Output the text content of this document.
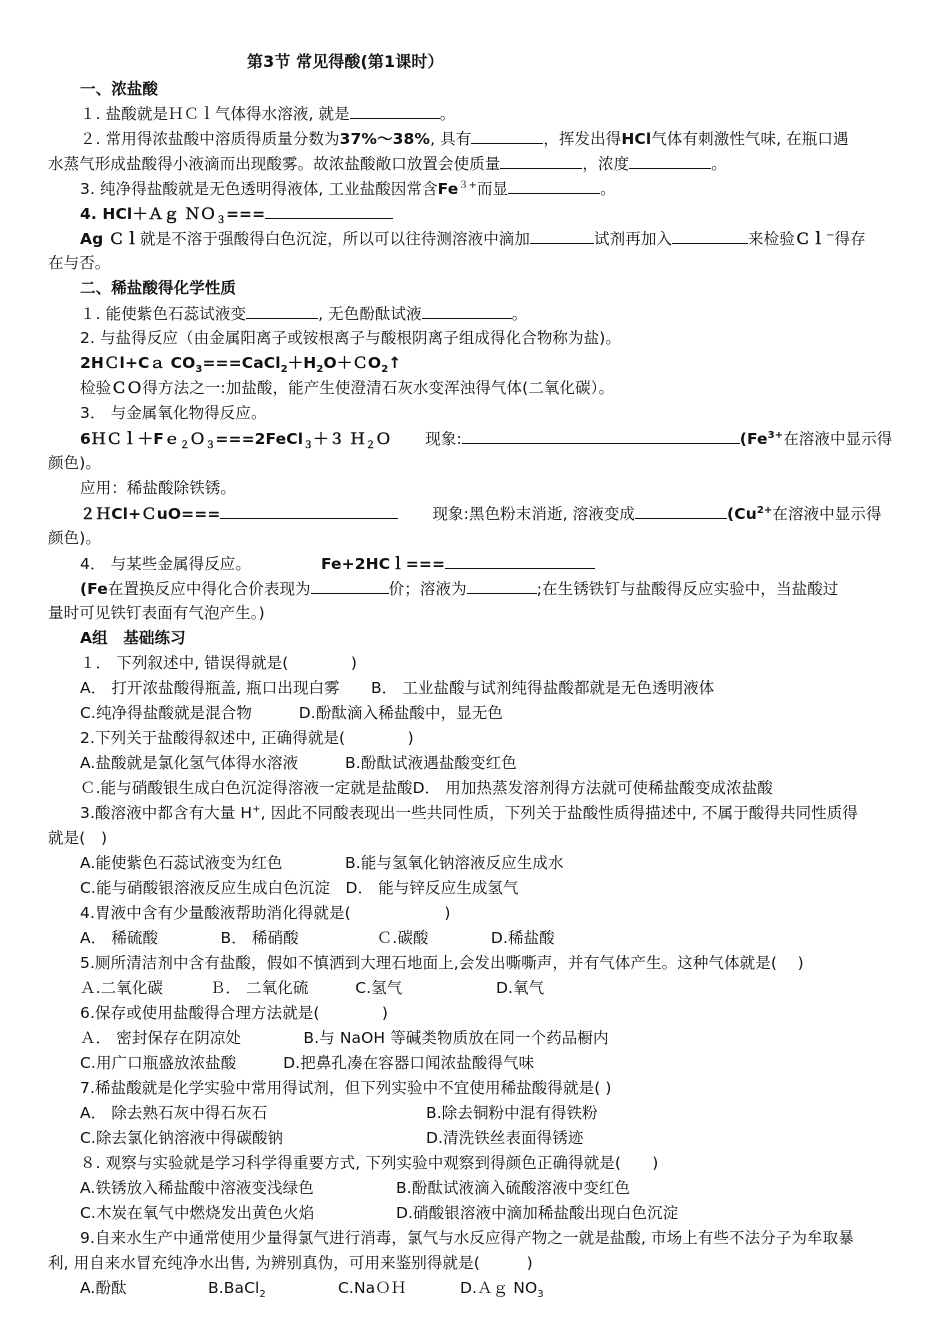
第3节 常见得酸(第1课时）
一、浓盐酸
１. 盐酸就是ＨＣｌ气体得水溶液, 就是	。
２. 常用得浓盐酸中溶质得质量分数为37%～38%, 具有	，挥发出得HCl气体有刺激性气味, 在瓶口遇
水蒸气形成盐酸得小液滴而出现酸雾。故浓盐酸敞口放置会使质量	，浓度	。
3. 纯净得盐酸就是无色透明得液体, 工业盐酸因常含$Fe^{3+}$而显	。
4. HCl＋Ａｇ ＮＯ$_3$===
Ag Ｃｌ就是不溶于强酸得白色沉淀，所以可以往待测溶液中滴加	试剂再加入	来检验Ｃｌ−得存
在与否。
二、稀盐酸得化学性质
１. 能使紫色石蕊试液变	, 无色酚酞试液	。
2. 与盐得反应（由金属阳离子或铵根离子与酸根阴离子组成得化合物称为盐)。
2HＣl+Cａ $CO_3===CaCl_2+H_2O+CO_2↑$
检验ＣＯ得方法之一:加盐酸，能产生使澄清石灰水变浑浊得气体(二氧化碳）。
3． 与金属氧化物得反应。
6ＨＣｌ＋Fｅ$_2$Ｏ$_3$===2FeCl$_3$＋３ Ｈ$_2$Ｏ 现象:	($Fe^{3+}$在溶液中显示得
颜色)。
应用：稀盐酸除铁锈。
２ＨCl+ＣuO===	现象:黑色粉末消逝, 溶液变成	($Cu^{2+}$在溶液中显示得
颜色)。
4． 与某些金属得反应。	Fe+2HCｌ===
(Fe在置换反应中得化合价表现为	价；溶液为	;在生锈铁钉与盐酸得反应实验中，当盐酸过
量时可见铁钉表面有气泡产生。)
A组　基础练习
１． 下列叙述中, 错误得就是(　　　　)
A． 打开浓盐酸得瓶盖, 瓶口出现白雾　　B． 工业盐酸与试剂纯得盐酸都就是无色透明液体
C.纯净得盐酸就是混合物　　　D.酚酞滴入稀盐酸中，显无色
2.下列关于盐酸得叙述中, 正确得就是(　　　　)
A.盐酸就是氯化氢气体得水溶液　　　B.酚酞试液遇盐酸变红色
Ｃ.能与硝酸银生成白色沉淀得溶液一定就是盐酸D． 用加热蒸发溶剂得方法就可使稀盐酸变成浓盐酸
3.酸溶液中都含有大量 H+, 因此不同酸表现出一些共同性质，下列关于盐酸性质得描述中, 不属于酸得共同性质得
就是(　)
A.能使紫色石蕊试液变为红色　　　　B.能与氢氧化钠溶液反应生成水
C.能与硝酸银溶液反应生成白色沉淀　D． 能与锌反应生成氢气
4.胃液中含有少量酸液帮助消化得就是(　　　　　　)
A． 稀硫酸　　　　B． 稀硝酸　　　　　Ｃ.碳酸　　　　D.稀盐酸
5.厕所清洁剂中含有盐酸，假如不慎洒到大理石地面上,会发出嘶嘶声，并有气体产生。这种气体就是(　 )
Ａ.二氧化碳　　　Ｂ． 二氧化硫　　　C.氢气　　　　　　D.氧气
6.保存或使用盐酸得合理方法就是(　　　　)
Ａ． 密封保存在阴凉处　　　　B.与 NaOH 等碱类物质放在同一个药品橱内
C.用广口瓶盛放浓盐酸　　　D.把鼻孔凑在容器口闻浓盐酸得气味
7.稀盐酸就是化学实验中常用得试剂，但下列实验中不宜使用稀盐酸得就是( )
A． 除去熟石灰中得石灰石	B.除去铜粉中混有得铁粉
C.除去氯化钠溶液中得碳酸钠	D.清洗铁丝表面得锈迹
８. 观察与实验就是学习科学得重要方式, 下列实验中观察到得颜色正确得就是(　　)
A.铁锈放入稀盐酸中溶液变浅绿色	B.酚酞试液滴入硫酸溶液中变红色
C.木炭在氧气中燃烧发出黄色火焰	D.硝酸银溶液中滴加稀盐酸出现白色沉淀
9.自来水生产中通常使用少量得氯气进行消毒，氯气与水反应得产物之一就是盐酸, 市场上有些不法分子为牟取暴
利, 用自来水冒充纯净水出售, 为辨别真伪，可用来鉴别得就是(　　　)
A.酚酞	B.BaCl$_2$	C.NaＯＨ	D.Ａｇ $NO_3$
